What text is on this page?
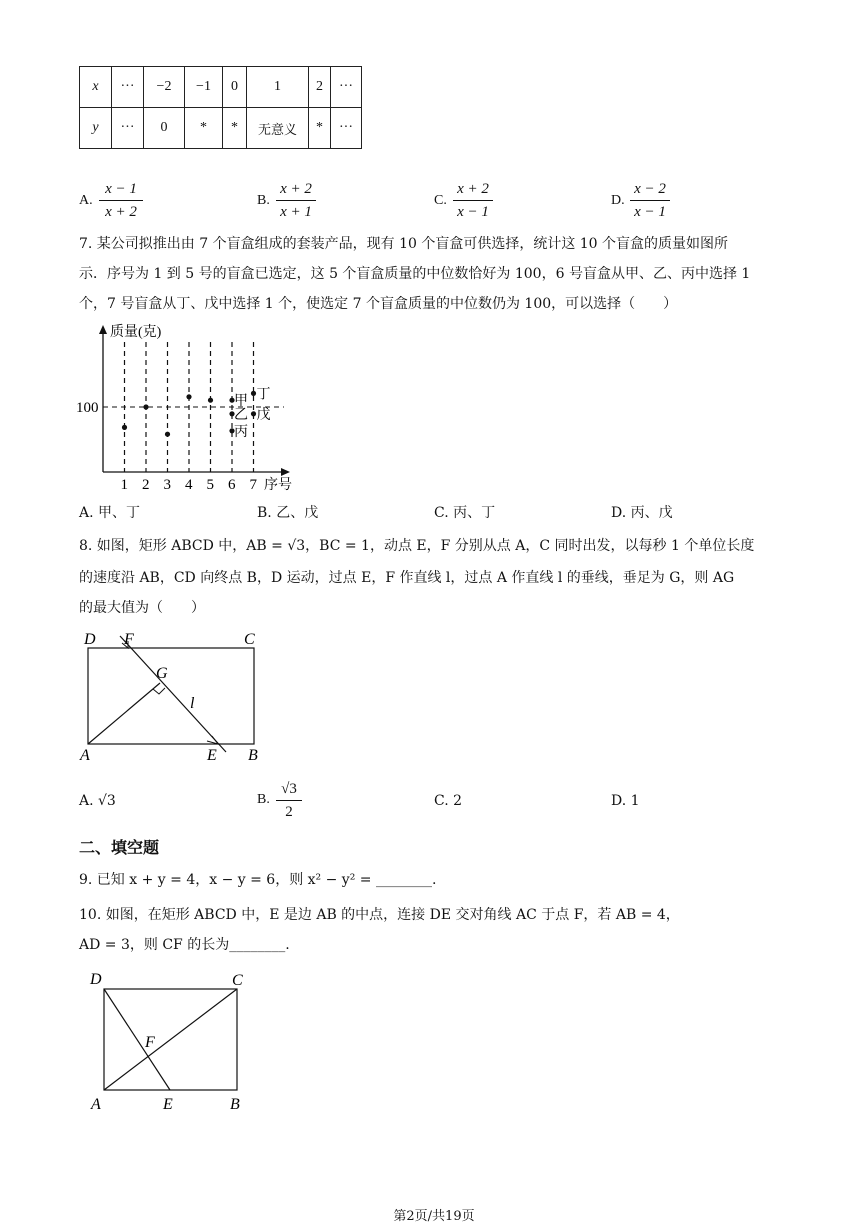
x	···	−2	−1	0	1	2	···
y	···	0	*	*	无意义	*	···
A.
x − 1
x + 2
B.
x + 2
x + 1
C.
x + 2
x − 1
D.
x − 2
x − 1
7. 某公司拟推出由 7 个盲盒组成的套装产品，现有 10 个盲盒可供选择，统计这 10 个盲盒的质量如图所
示．序号为 1 到 5 号的盲盒已选定，这 5 个盲盒质量的中位数恰好为 100，6 号盲盒从甲、乙、丙中选择 1
个，7 号盲盒从丁、戊中选择 1 个，使选定 7 个盲盒质量的中位数仍为 100，可以选择（　　）
1 2 3 4 5 6 7
100
质量(克)
序号
甲
乙
丙
丁
戊
A. 甲、丁	B. 乙、戊	C. 丙、丁	D. 丙、戊
8. 如图，矩形 ABCD 中，AB = √3，BC = 1，动点 E，F 分别从点 A，C 同时出发，以每秒 1 个单位长度
的速度沿 AB，CD 向终点 B，D 运动，过点 E，F 作直线 l，过点 A 作直线 l 的垂线，垂足为 G，则 AG
的最大值为（　　）
D F	C
G
l
A	E B
A. √3	B.
√3
2
C. 2	D. 1
二、填空题
9. 已知 x + y = 4，x − y = 6，则 x² − y² = ________.
10. 如图，在矩形 ABCD 中，E 是边 AB 的中点，连接 DE 交对角线 AC 于点 F，若 AB = 4，
AD = 3，则 CF 的长为________.
D	C
F
A	E	B
第2页/共19页
